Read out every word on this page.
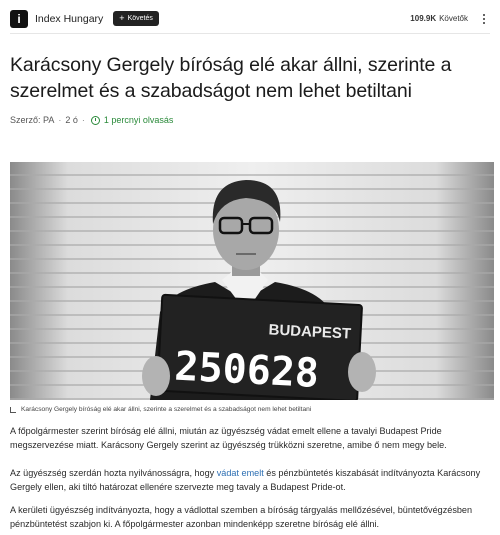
i	Index Hungary + Követés	109.9K Követők
Karácsony Gergely bíróság elé akar állni, szerinte a szerelmet és a szabadságot nem lehet betiltani
Szerző: PA · 2 ó · 1 percnyi olvasás
BUDAPEST
250628
Karácsony Gergely bíróság elé akar állni, szerinte a szerelmet és a szabadságot nem lehet betiltani

A főpolgármester szerint bíróság elé állni, miután az ügyészség vádat emelt ellene a tavalyi Budapest Pride megszervezése miatt. Karácsony Gergely szerint az ügyészség trükközni szeretne, amibe ő nem megy bele.

Az ügyészség szerdán hozta nyilvánosságra, hogy vádat emelt és pénzbüntetés kiszabását indítványozta Karácsony Gergely ellen, aki tiltó határozat ellenére szervezte meg tavaly a Budapest Pride-ot.

A kerületi ügyészség indítványozta, hogy a vádlottal szemben a bíróság tárgyalás mellőzésével, büntetővégzésben pénzbüntetést szabjon ki. A főpolgármester azonban mindenképp szeretne bíróság elé állni.
